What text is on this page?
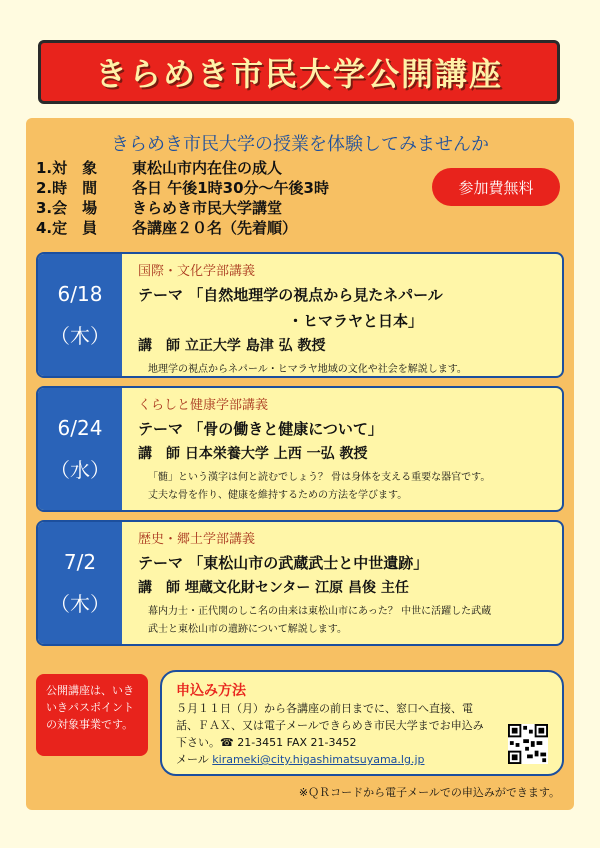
きらめき市民大学公開講座
きらめき市民大学の授業を体験してみませんか
1.対　象	東松山市内在住の成人
2.時　間	各日 午後1時30分～午後3時
3.会　場	きらめき市民大学講堂
4.定　員	各講座２０名（先着順）
参加費無料
6/18
（木）
国際・文化学部講義
テーマ 「自然地理学の視点から見たネパール
・ヒマラヤと日本」
講　師 立正大学 島津 弘 教授
地理学の視点からネパール・ヒマラヤ地域の文化や社会を解説します。
6/24
（水）
くらしと健康学部講義
テーマ 「骨の働きと健康について」
講　師 日本栄養大学 上西 一弘 教授
「髄」という漢字は何と読むでしょう？ 骨は身体を支える重要な器官です。
丈夫な骨を作り、健康を維持するための方法を学びます。
7/2
（木）
歴史・郷土学部講義
テーマ 「東松山市の武蔵武士と中世遺跡」
講　師 埋蔵文化財センター 江原 昌俊 主任
幕内力士・正代関のしこ名の由来は東松山市にあった？ 中世に活躍した武蔵
武士と東松山市の遺跡について解説します。
公開講座は、いきいきパスポイントの対象事業です。
申込み方法
５月１１日（月）から各講座の前日までに、窓口へ直接、電話、ＦＡＸ、又は電子メールできらめき市民大学までお申込み下さい。☎ 21-3451 FAX 21-3452
メール kirameki@city.higashimatsuyama.lg.jp
※ＱＲコードから電子メールでの申込みができます。
